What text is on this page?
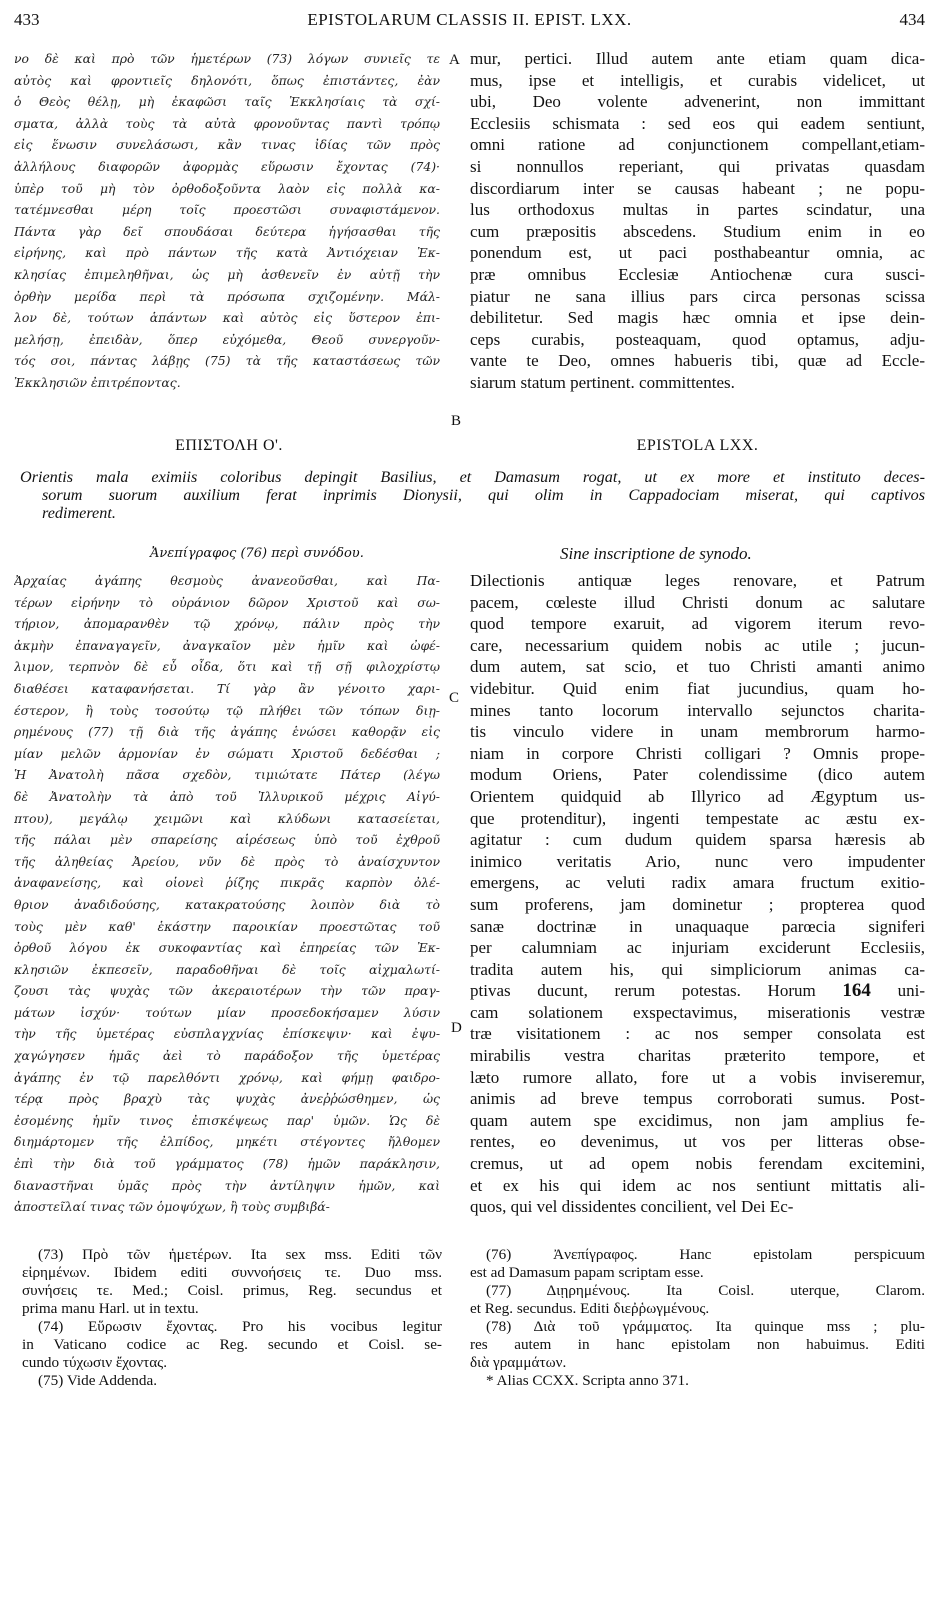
433	EPISTOLARUM CLASSIS II. EPIST. LXX.	434
νο δὲ καὶ πρὸ τῶν ἡμετέρων (73) λόγων συνιεῖς τε
αὐτὸς καὶ φροντιεῖς δηλονότι, ὅπως ἐπιστάντες, ἐὰν
ὁ Θεὸς θέλῃ, μὴ ἐκαφῶσι ταῖς Ἐκκλησίαις τὰ σχί-
σματα, ἀλλὰ τοὺς τὰ αὐτὰ φρονοῦντας παντὶ τρόπῳ
εἰς ἕνωσιν συνελάσωσι, κἂν τινας ἰδίας τῶν πρὸς
ἀλλήλους διαφορῶν ἀφορμὰς εὕρωσιν ἔχοντας (74)·
ὑπὲρ τοῦ μὴ τὸν ὀρθοδοξοῦντα λαὸν εἰς πολλὰ κα-
τατέμνεσθαι μέρη τοῖς προεστῶσι συναφιστάμενον.
Πάντα γὰρ δεῖ σπουδάσαι δεύτερα ἡγήσασθαι τῆς
εἰρήνης, καὶ πρὸ πάντων τῆς κατὰ Ἀντιόχειαν Ἐκ-
κλησίας ἐπιμεληθῆναι, ὡς μὴ ἀσθενεῖν ἐν αὐτῇ τὴν
ὀρθὴν μερίδα περὶ τὰ πρόσωπα σχιζομένην. Μάλ-
λον δὲ, τούτων ἁπάντων καὶ αὐτὸς εἰς ὕστερον ἐπι-
μελήσῃ, ἐπειδὰν, ὅπερ εὐχόμεθα, Θεοῦ συνεργοῦν-
τός σοι, πάντας λάβῃς (75) τὰ τῆς καταστάσεως τῶν
Ἐκκλησιῶν ἐπιτρέποντας.
mur, pertici. Illud autem ante etiam quam dica-
mus, ipse et intelligis, et curabis videlicet, ut
ubi, Deo volente advenerint, non immittant
Ecclesiis schismata : sed eos qui eadem sentiunt,
omni ratione ad conjunctionem compellant,etiam-
si nonnullos reperiant, qui privatas quasdam
discordiarum inter se causas habeant ; ne popu-
lus orthodoxus multas in partes scindatur, una
cum præpositis abscedens. Studium enim in eo
ponendum est, ut paci posthabeantur omnia, ac
præ omnibus Ecclesiæ Antiochenæ cura susci-
piatur ne sana illius pars circa personas scissa
debilitetur. Sed magis hæc omnia et ipse dein-
ceps curabis, posteaquam, quod optamus, adju-
vante te Deo, omnes habueris tibi, quæ ad Eccle-
siarum statum pertinent. committentes.
A
B
ΕΠΙΣΤΟΛΗ Ο'.	EPISTOLA LXX.
Orientis mala eximiis coloribus depingit Basilius, et Damasum rogat, ut ex more et instituto deces-
sorum suorum auxilium ferat inprimis Dionysii, qui olim in Cappadociam miserat, qui captivos
redimerent.
Ἀνεπίγραφος (76) περὶ συνόδου.	Sine inscriptione de synodo.
Ἀρχαίας ἀγάπης θεσμοὺς ἀνανεοῦσθαι, καὶ Πα-
τέρων εἰρήνην τὸ οὐράνιον δῶρον Χριστοῦ καὶ σω-
τήριον, ἀπομαρανθὲν τῷ χρόνῳ, πάλιν πρὸς τὴν
ἀκμὴν ἐπαναγαγεῖν, ἀναγκαῖον μὲν ἡμῖν καὶ ὠφέ-
λιμον, τερπνὸν δὲ εὖ οἶδα, ὅτι καὶ τῇ σῇ φιλοχρίστῳ
διαθέσει καταφανήσεται. Τί γὰρ ἂν γένοιτο χαρι-
έστερον, ἢ τοὺς τοσούτῳ τῷ πλήθει τῶν τόπων διῃ-
ρημένους (77) τῇ διὰ τῆς ἀγάπης ἑνώσει καθορᾷν εἰς
μίαν μελῶν ἁρμονίαν ἐν σώματι Χριστοῦ δεδέσθαι ;
Ἡ Ἀνατολὴ πᾶσα σχεδὸν, τιμιώτατε Πάτερ (λέγω
δὲ Ἀνατολὴν τὰ ἀπὸ τοῦ Ἰλλυρικοῦ μέχρις Αἰγύ-
πτου), μεγάλῳ χειμῶνι καὶ κλύδωνι κατασείεται,
τῆς πάλαι μὲν σπαρείσης αἱρέσεως ὑπὸ τοῦ ἐχθροῦ
τῆς ἀληθείας Ἀρείου, νῦν δὲ πρὸς τὸ ἀναίσχυντον
ἀναφανείσης, καὶ οἱονεὶ ῥίζης πικρᾶς καρπὸν ὀλέ-
θριον ἀναδιδούσης, κατακρατούσης λοιπὸν διὰ τὸ
τοὺς μὲν καθ' ἑκάστην παροικίαν προεστῶτας τοῦ
ὀρθοῦ λόγου ἐκ συκοφαντίας καὶ ἐπηρείας τῶν Ἐκ-
κλησιῶν ἐκπεσεῖν, παραδοθῆναι δὲ τοῖς αἰχμαλωτί-
ζουσι τὰς ψυχὰς τῶν ἀκεραιοτέρων τὴν τῶν πραγ-
μάτων ἰσχύν· τούτων μίαν προσεδοκήσαμεν λύσιν
τὴν τῆς ὑμετέρας εὐσπλαγχνίας ἐπίσκεψιν· καὶ ἐψυ-
χαγώγησεν ἡμᾶς ἀεὶ τὸ παράδοξον τῆς ὑμετέρας
ἀγάπης ἐν τῷ παρελθόντι χρόνῳ, καὶ φήμῃ φαιδρο-
τέρᾳ πρὸς βραχὺ τὰς ψυχὰς ἀνεῤῥώσθημεν, ὡς
ἐσομένης ἡμῖν τινος ἐπισκέψεως παρ' ὑμῶν. Ὡς δὲ
διημάρτομεν τῆς ἐλπίδος, μηκέτι στέγοντες ἤλθομεν
ἐπὶ τὴν διὰ τοῦ γράμματος (78) ἡμῶν παράκλησιν,
διαναστῆναι ὑμᾶς πρὸς τὴν ἀντίληψιν ἡμῶν, καὶ
ἀποστεῖλαί τινας τῶν ὁμοψύχων, ἢ τοὺς συμβιβά-
Dilectionis antiquæ leges renovare, et Patrum
pacem, cœleste illud Christi donum ac salutare
quod tempore exaruit, ad vigorem iterum revo-
care, necessarium quidem nobis ac utile ; jucun-
dum autem, sat scio, et tuo Christi amanti animo
videbitur. Quid enim fiat jucundius, quam ho-
mines tanto locorum intervallo sejunctos charita-
tis vinculo videre in unam membrorum harmo-
niam in corpore Christi colligari ? Omnis prope-
modum Oriens, Pater colendissime (dico autem
Orientem quidquid ab Illyrico ad Ægyptum us-
que protenditur), ingenti tempestate ac æstu ex-
agitatur : cum dudum quidem sparsa hæresis ab
inimico veritatis Ario, nunc vero impudenter
emergens, ac veluti radix amara fructum exitio-
sum proferens, jam dominetur ; propterea quod
sanæ doctrinæ in unaquaque parœcia signiferi
per calumniam ac injuriam exciderunt Ecclesiis,
tradita autem his, qui simpliciorum animas ca-
ptivas ducunt, rerum potestas. Horum 164 uni-
cam solationem exspectavimus, miserationis vestræ
træ visitationem : ac nos semper consolata est
mirabilis vestra charitas præterito tempore, et
læto rumore allato, fore ut a vobis inviseremur,
animis ad breve tempus corroborati sumus. Post-
quam autem spe excidimus, non jam amplius fe-
rentes, eo devenimus, ut vos per litteras obse-
cremus, ut ad opem nobis ferendam excitemini,
et ex his qui idem ac nos sentiunt mittatis ali-
quos, qui vel dissidentes concilient, vel Dei Ec-
C
D
(73) Πρὸ τῶν ἡμετέρων. Ita sex mss. Editi τῶν
εἰρημένων. Ibidem editi συννοήσεις τε. Duo mss.
συνήσεις τε. Med.; Coisl. primus, Reg. secundus et
prima manu Harl. ut in textu.
(74) Εὕρωσιν ἔχοντας. Pro his vocibus legitur
in Vaticano codice ac Reg. secundo et Coisl. se-
cundo τύχωσιν ἔχοντας.
(75) Vide Addenda.
(76) Ἀνεπίγραφος. Hanc epistolam perspicuum
est ad Damasum papam scriptam esse.
(77) Διῃρημένους. Ita Coisl. uterque, Clarom.
et Reg. secundus. Editi διεῤῥωγμένους.
(78) Διὰ τοῦ γράμματος. Ita quinque mss ; plu-
res autem in hanc epistolam non habuimus. Editi
διὰ γραμμάτων.
* Alias CCXX. Scripta anno 371.
